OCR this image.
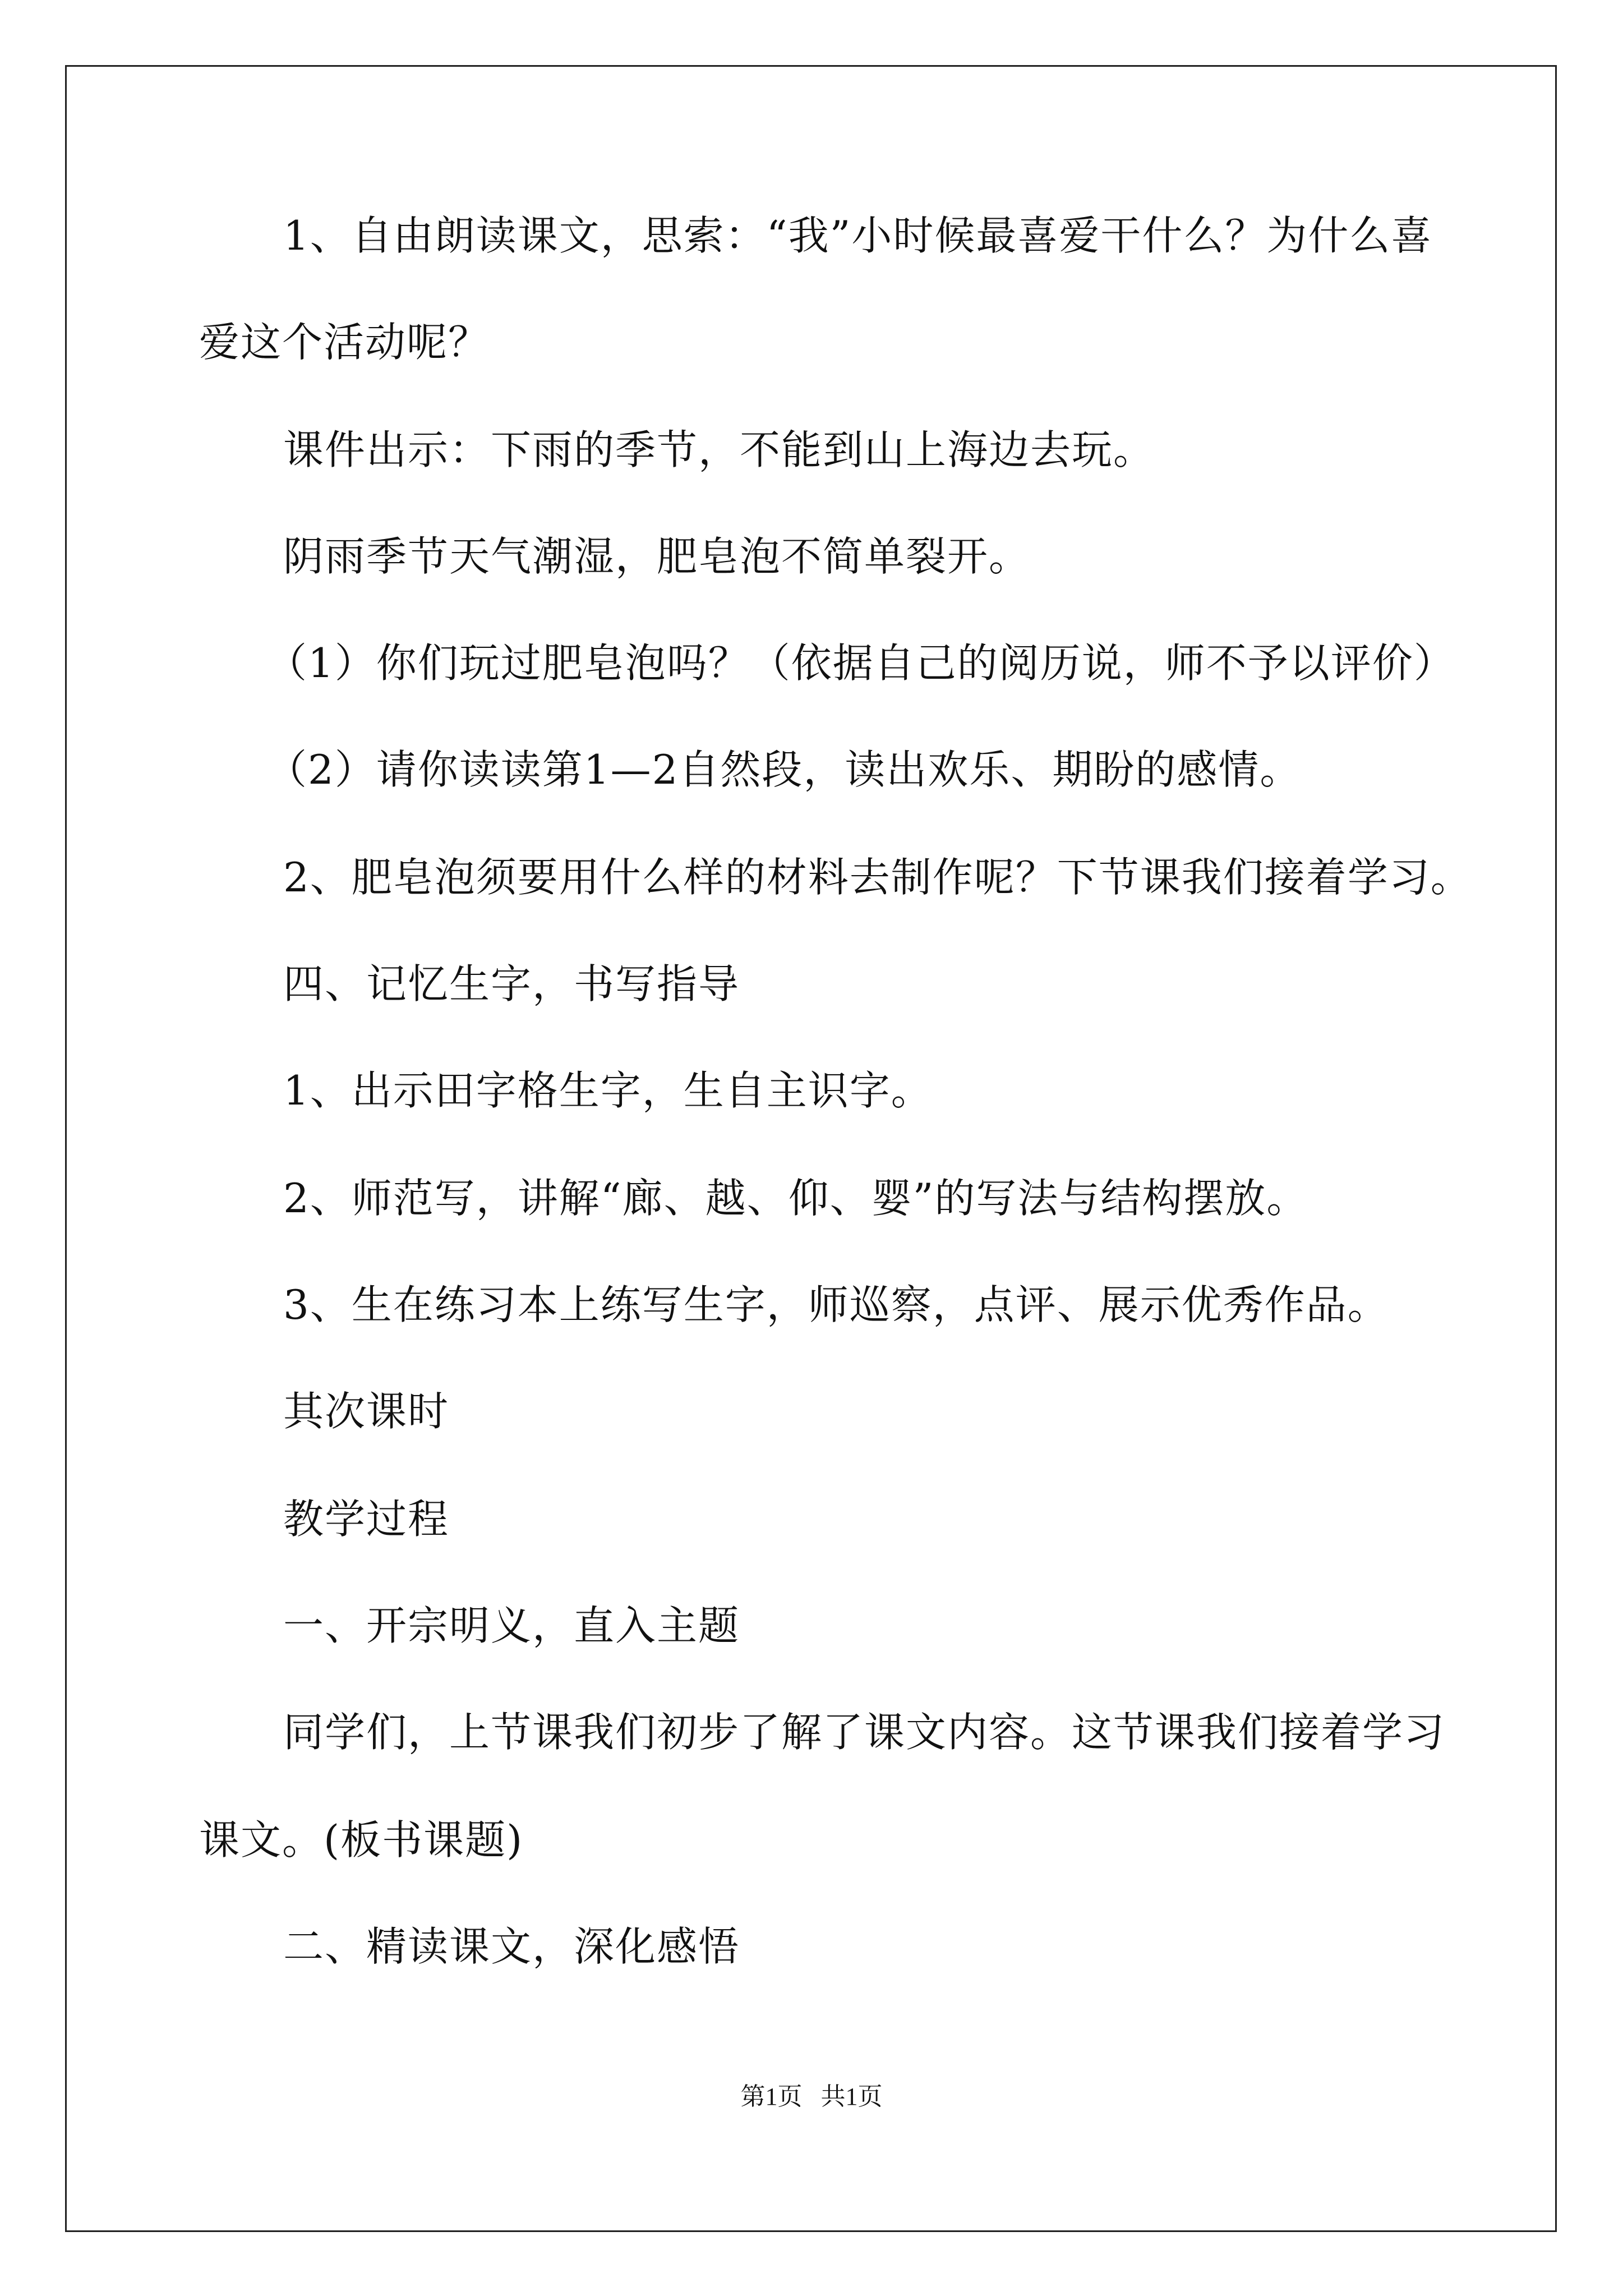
1、自由朗读课文，思索：“我”小时候最喜爱干什么？为什么喜

爱这个活动呢？

课件出示：下雨的季节，不能到山上海边去玩。

阴雨季节天气潮湿，肥皂泡不简单裂开。

（1）你们玩过肥皂泡吗？（依据自己的阅历说，师不予以评价）

（2）请你读读第1—2自然段，读出欢乐、期盼的感情。

2、肥皂泡须要用什么样的材料去制作呢？下节课我们接着学习。

四、记忆生字，书写指导

1、出示田字格生字，生自主识字。

2、师范写，讲解“廊、越、仰、婴”的写法与结构摆放。

3、生在练习本上练写生字，师巡察，点评、展示优秀作品。

其次课时

教学过程

一、开宗明义，直入主题

同学们，上节课我们初步了解了课文内容。这节课我们接着学习

课文。(板书课题)

二、精读课文，深化感悟

第1页   共1页
